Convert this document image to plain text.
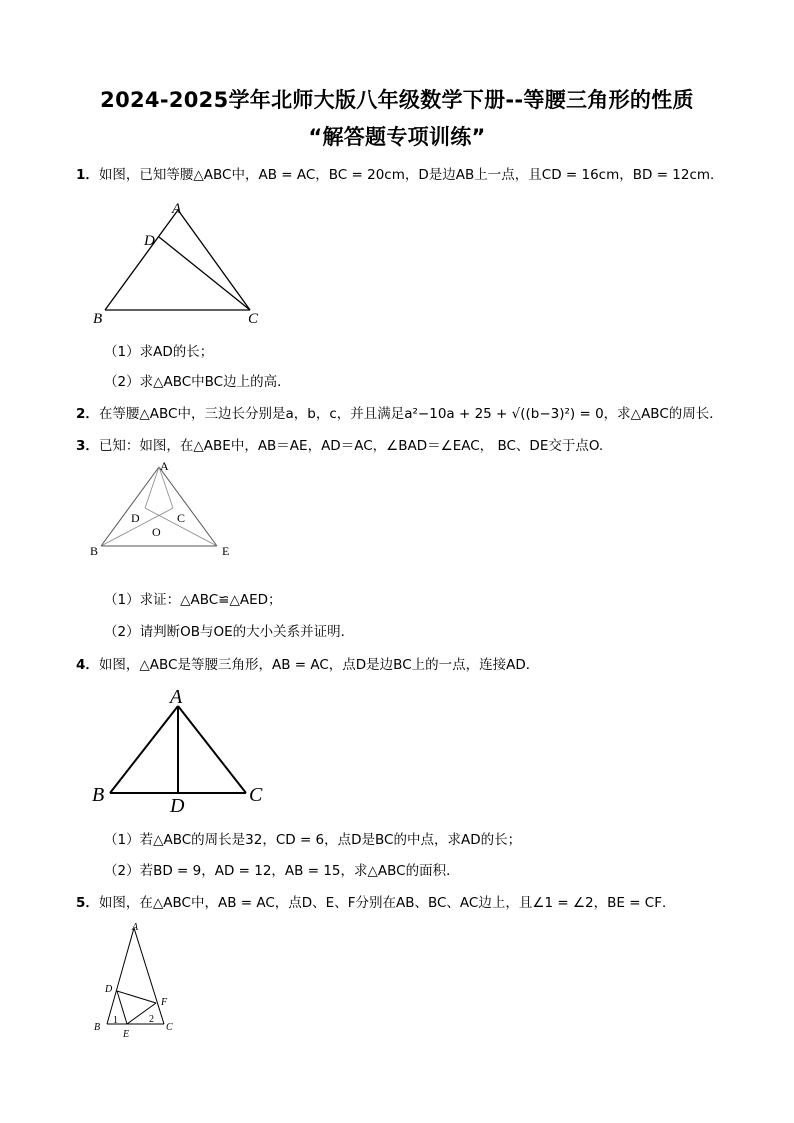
2024-2025学年北师大版八年级数学下册--等腰三角形的性质
“解答题专项训练”
1．如图，已知等腰△ABC中，AB = AC，BC = 20cm，D是边AB上一点，且CD = 16cm，BD = 12cm．
A
D
B	C
（1）求AD的长；
（2）求△ABC中BC边上的高．
2．在等腰△ABC中，三边长分别是a，b，c，并且满足a²−10a + 25 + √((b−3)²) = 0，求△ABC的周长．
3．已知：如图，在△ABE中，AB＝AE，AD＝AC，∠BAD＝∠EAC， BC、DE交于点O.
A
D	C
O
B	E
（1）求证：△ABC≌△AED；
（2）请判断OB与OE的大小关系并证明．
4．如图，△ABC是等腰三角形，AB = AC，点D是边BC上的一点，连接AD．
A
B	D	C
（1）若△ABC的周长是32，CD = 6，点D是BC的中点，求AD的长；
（2）若BD = 9，AD = 12，AB = 15，求△ABC的面积．
5．如图，在△ABC中，AB = AC，点D、E、F分别在AB、BC、AC边上，且∠1 = ∠2，BE = CF．
A
D
F
B
1	2
C
E
